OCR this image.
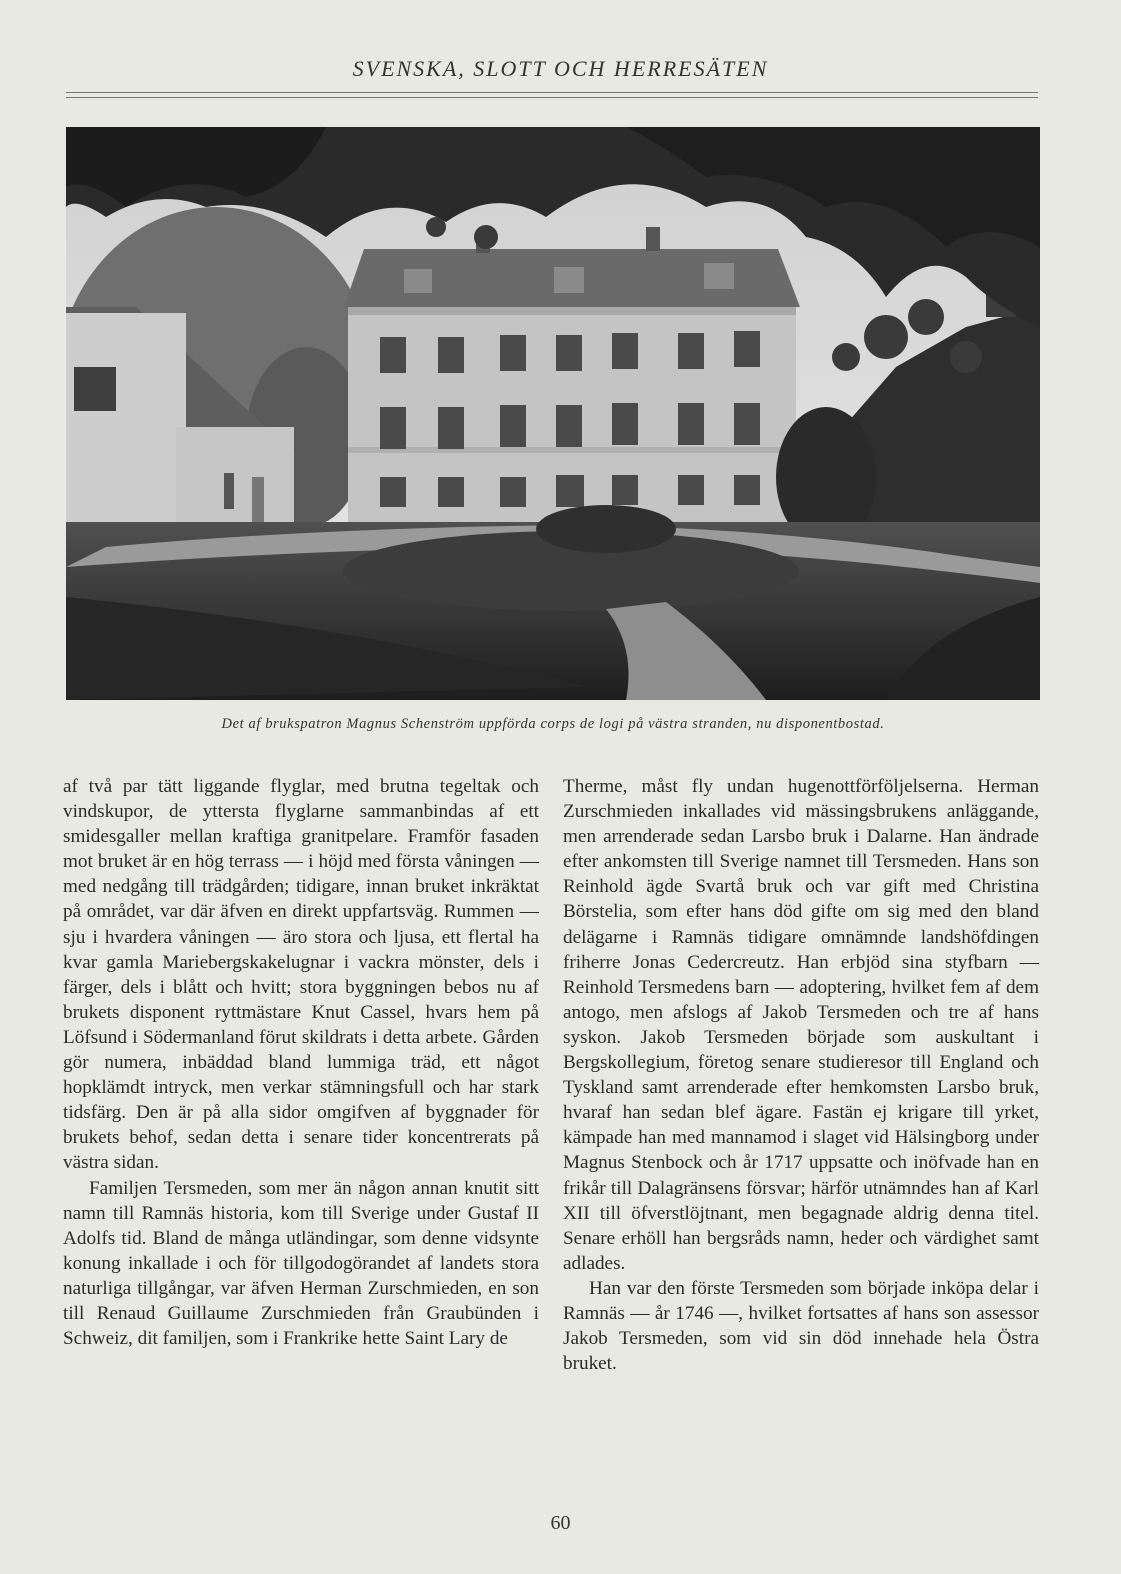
SVENSKA, SLOTT OCH HERRESÄTEN
Det af brukspatron Magnus Schenström uppförda corps de logi på västra stranden, nu disponentbostad.

af två par tätt liggande flyglar, med brutna tegeltak och vindskupor, de yttersta flyglarne sammanbindas af ett smidesgaller mellan kraftiga granitpelare. Framför fasaden mot bruket är en hög terrass — i höjd med första våningen — med nedgång till trädgården; tidigare, innan bruket inkräktat på området, var där äfven en direkt uppfartsväg. Rummen — sju i hvardera våningen — äro stora och ljusa, ett flertal ha kvar gamla Mariebergskakelugnar i vackra mönster, dels i färger, dels i blått och hvitt; stora byggningen bebos nu af brukets disponent ryttmästare Knut Cassel, hvars hem på Löfsund i Södermanland förut skildrats i detta arbete. Gården gör numera, inbäddad bland lummiga träd, ett något hopklämdt intryck, men verkar stämningsfull och har stark tidsfärg. Den är på alla sidor omgifven af byggnader för brukets behof, sedan detta i senare tider koncentrerats på västra sidan.

Familjen Tersmeden, som mer än någon annan knutit sitt namn till Ramnäs historia, kom till Sverige under Gustaf II Adolfs tid. Bland de många utländingar, som denne vidsynte konung inkallade i och för tillgodogörandet af landets stora naturliga tillgångar, var äfven Herman Zurschmieden, en son till Renaud Guillaume Zurschmieden från Graubünden i Schweiz, dit familjen, som i Frankrike hette Saint Lary de

Therme, måst fly undan hugenottförföljelserna. Herman Zurschmieden inkallades vid mässingsbrukens anläggande, men arrenderade sedan Larsbo bruk i Dalarne. Han ändrade efter ankomsten till Sverige namnet till Tersmeden. Hans son Reinhold ägde Svartå bruk och var gift med Christina Börstelia, som efter hans död gifte om sig med den bland delägarne i Ramnäs tidigare omnämnde landshöfdingen friherre Jonas Cedercreutz. Han erbjöd sina styfbarn — Reinhold Tersmedens barn — adoptering, hvilket fem af dem antogo, men afslogs af Jakob Tersmeden och tre af hans syskon. Jakob Tersmeden började som auskultant i Bergskollegium, företog senare studieresor till England och Tyskland samt arrenderade efter hemkomsten Larsbo bruk, hvaraf han sedan blef ägare. Fastän ej krigare till yrket, kämpade han med mannamod i slaget vid Hälsingborg under Magnus Stenbock och år 1717 uppsatte och inöfvade han en frikår till Dalagränsens försvar; härför utnämndes han af Karl XII till öfverstlöjtnant, men begagnade aldrig denna titel. Senare erhöll han bergsråds namn, heder och värdighet samt adlades.

Han var den förste Tersmeden som började inköpa delar i Ramnäs — år 1746 —, hvilket fortsattes af hans son assessor Jakob Tersmeden, som vid sin död innehade hela Östra bruket.

60
